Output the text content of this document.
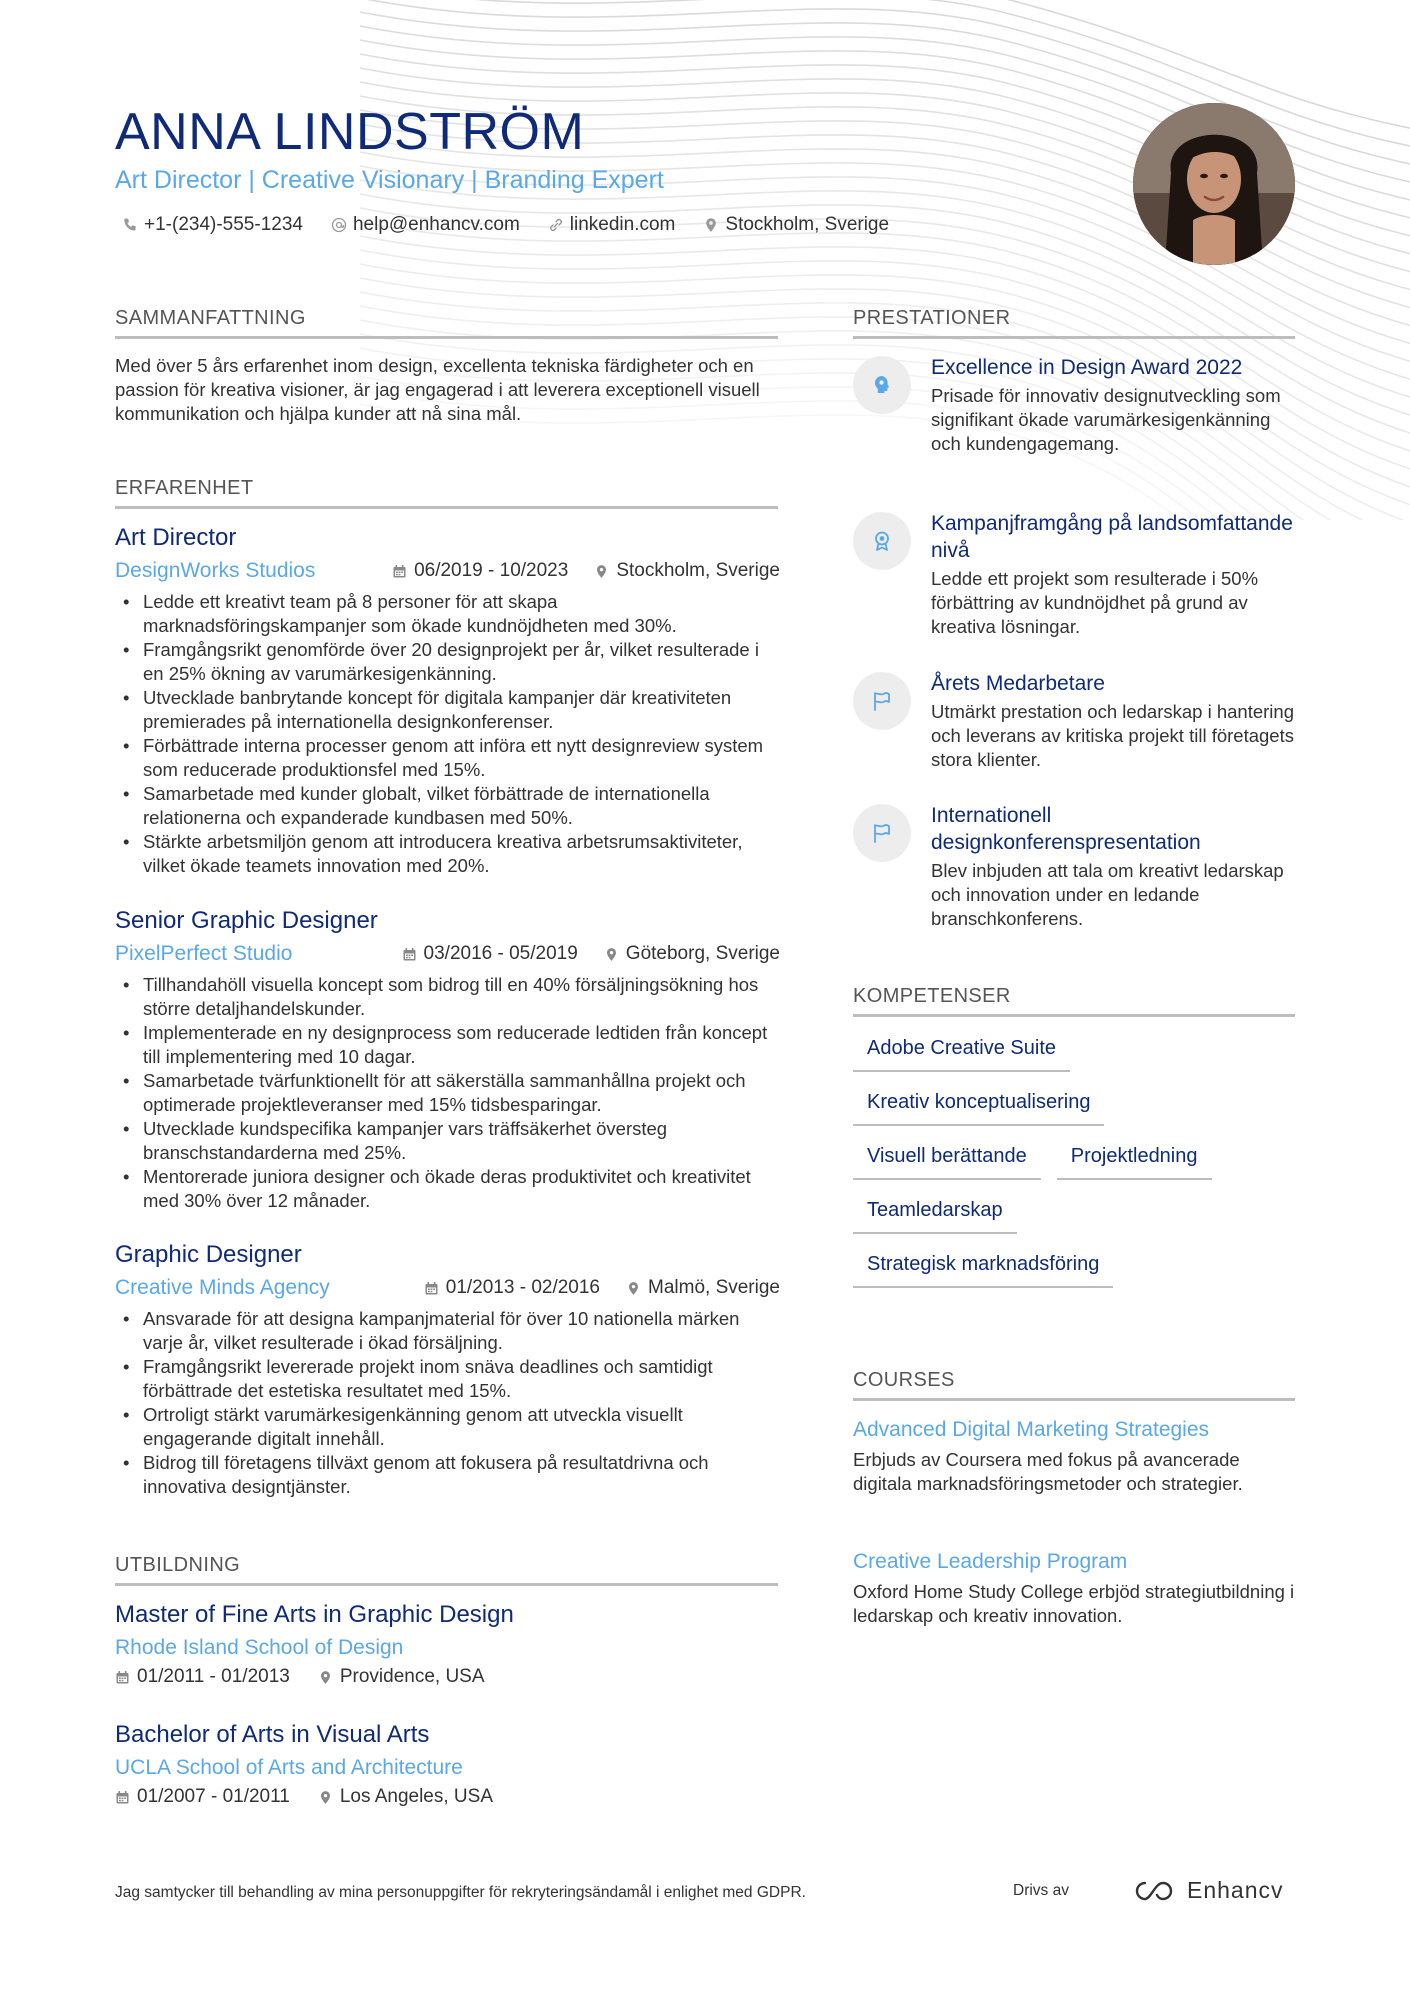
ANNA LINDSTRÖM
Art Director | Creative Visionary | Branding Expert
+1-(234)-555-1234	help@enhancv.com	linkedin.com	Stockholm, Sverige
SAMMANFATTNING
Med över 5 års erfarenhet inom design, excellenta tekniska färdigheter och en passion för kreativa visioner, är jag engagerad i att leverera exceptionell visuell kommunikation och hjälpa kunder att nå sina mål.
ERFARENHET
Art Director
DesignWorks Studios	06/2019 - 10/2023	Stockholm, Sverige
• Ledde ett kreativt team på 8 personer för att skapa marknadsföringskampanjer som ökade kundnöjdheten med 30%.
• Framgångsrikt genomförde över 20 designprojekt per år, vilket resulterade i en 25% ökning av varumärkesigenkänning.
• Utvecklade banbrytande koncept för digitala kampanjer där kreativiteten premierades på internationella designkonferenser.
• Förbättrade interna processer genom att införa ett nytt designreview system som reducerade produktionsfel med 15%.
• Samarbetade med kunder globalt, vilket förbättrade de internationella relationerna och expanderade kundbasen med 50%.
• Stärkte arbetsmiljön genom att introducera kreativa arbetsrumsaktiviteter, vilket ökade teamets innovation med 20%.
Senior Graphic Designer
PixelPerfect Studio	03/2016 - 05/2019	Göteborg, Sverige
• Tillhandahöll visuella koncept som bidrog till en 40% försäljningsökning hos större detaljhandelskunder.
• Implementerade en ny designprocess som reducerade ledtiden från koncept till implementering med 10 dagar.
• Samarbetade tvärfunktionellt för att säkerställa sammanhållna projekt och optimerade projektleveranser med 15% tidsbesparingar.
• Utvecklade kundspecifika kampanjer vars träffsäkerhet översteg branschstandarderna med 25%.
• Mentorerade juniora designer och ökade deras produktivitet och kreativitet med 30% över 12 månader.
Graphic Designer
Creative Minds Agency	01/2013 - 02/2016	Malmö, Sverige
• Ansvarade för att designa kampanjmaterial för över 10 nationella märken varje år, vilket resulterade i ökad försäljning.
• Framgångsrikt levererade projekt inom snäva deadlines och samtidigt förbättrade det estetiska resultatet med 15%.
• Ortroligt stärkt varumärkesigenkänning genom att utveckla visuellt engagerande digitalt innehåll.
• Bidrog till företagens tillväxt genom att fokusera på resultatdrivna och innovativa designtjänster.
UTBILDNING
Master of Fine Arts in Graphic Design
Rhode Island School of Design
01/2011 - 01/2013	Providence, USA
Bachelor of Arts in Visual Arts
UCLA School of Arts and Architecture
01/2007 - 01/2011	Los Angeles, USA
PRESTATIONER
Excellence in Design Award 2022
Prisade för innovativ designutveckling som signifikant ökade varumärkesigenkänning och kundengagemang.
Kampanjframgång på landsomfattande nivå
Ledde ett projekt som resulterade i 50% förbättring av kundnöjdhet på grund av kreativa lösningar.
Årets Medarbetare
Utmärkt prestation och ledarskap i hantering och leverans av kritiska projekt till företagets stora klienter.
Internationell designkonferenspresentation
Blev inbjuden att tala om kreativt ledarskap och innovation under en ledande branschkonferens.
KOMPETENSER
Adobe Creative Suite
Kreativ konceptualisering
Visuell berättande	Projektledning
Teamledarskap
Strategisk marknadsföring
COURSES
Advanced Digital Marketing Strategies
Erbjuds av Coursera med fokus på avancerade digitala marknadsföringsmetoder och strategier.
Creative Leadership Program
Oxford Home Study College erbjöd strategiutbildning i ledarskap och kreativ innovation.
Jag samtycker till behandling av mina personuppgifter för rekryteringsändamål i enlighet med GDPR.	Drivs av	Enhancv
